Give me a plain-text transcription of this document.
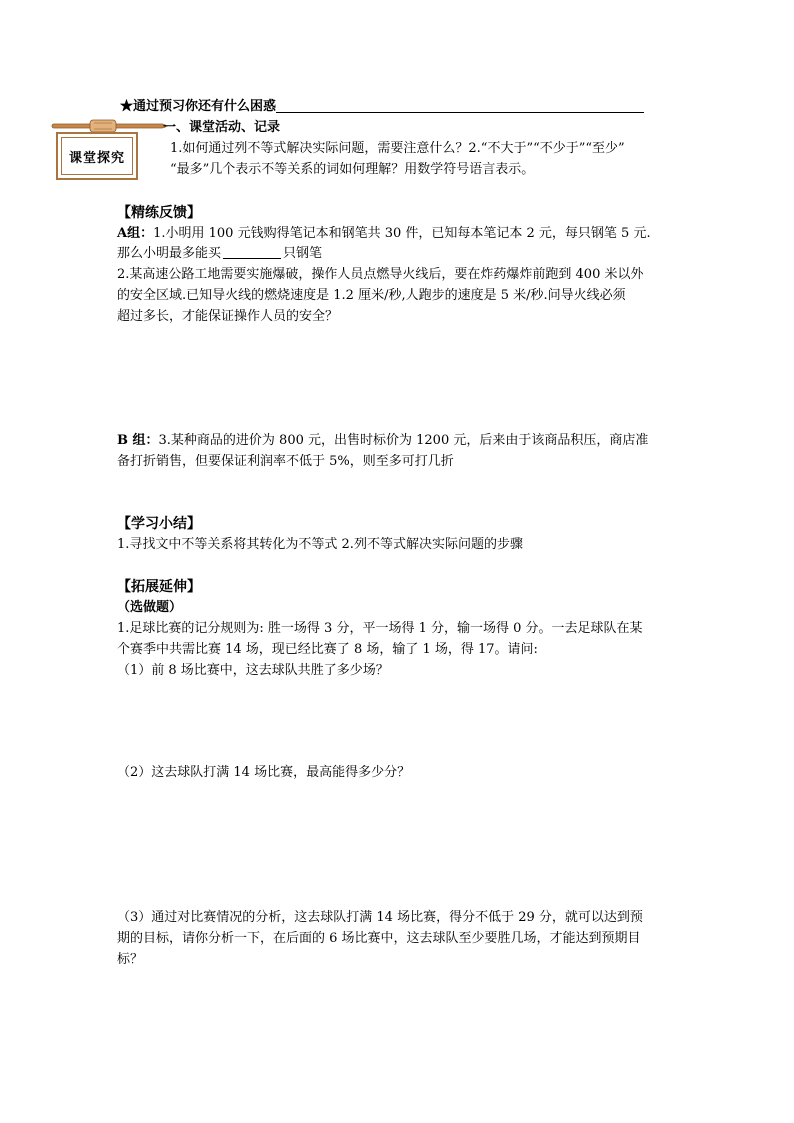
★通过预习你还有什么困惑
课堂探究
一、课堂活动、记录
1.如何通过列不等式解决实际问题，需要注意什么？2.“不大于”“不少于”“至少”
“最多”几个表示不等关系的词如何理解？用数学符号语言表示。
【精练反馈】
A组：1.小明用 100 元钱购得笔记本和钢笔共 30 件，已知每本笔记本 2 元，每只钢笔 5 元.
那么小明最多能买	只钢笔
2.某高速公路工地需要实施爆破，操作人员点燃导火线后，要在炸药爆炸前跑到 400 米以外
的安全区域.已知导火线的燃烧速度是 1.2 厘米/秒,人跑步的速度是 5 米/秒.问导火线必须
超过多长，才能保证操作人员的安全？
B 组：3.某种商品的进价为 800 元，出售时标价为 1200 元，后来由于该商品积压，商店准
备打折销售，但要保证利润率不低于 5%，则至多可打几折
【学习小结】
1.寻找文中不等关系将其转化为不等式 2.列不等式解决实际问题的步骤
【拓展延伸】
（选做题）
1.足球比赛的记分规则为: 胜一场得 3 分，平一场得 1 分，输一场得 0 分。一去足球队在某
个赛季中共需比赛 14 场，现已经比赛了 8 场，输了 1 场，得 17。请问:
（1）前 8 场比赛中，这去球队共胜了多少场？
（2）这去球队打满 14 场比赛，最高能得多少分？
（3）通过对比赛情况的分析，这去球队打满 14 场比赛，得分不低于 29 分，就可以达到预
期的目标，请你分析一下，在后面的 6 场比赛中，这去球队至少要胜几场，才能达到预期目
标？
